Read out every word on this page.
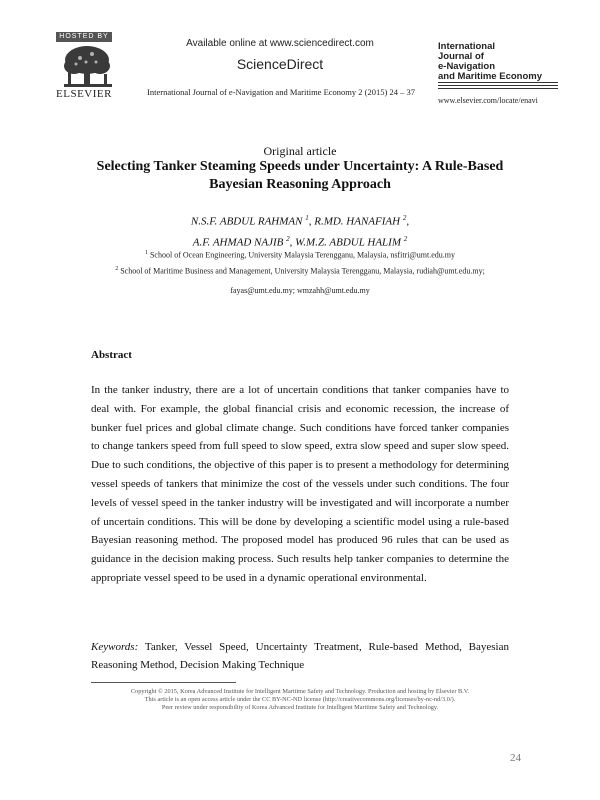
HOSTED BY
ELSEVIER
Available online at www.sciencedirect.com
ScienceDirect
International Journal of e-Navigation and Maritime Economy 2 (2015) 24 – 37
International
Journal of
e-Navigation
and Maritime Economy
www.elsevier.com/locate/enavi
Original article
Selecting Tanker Steaming Speeds under Uncertainty: A Rule-Based
Bayesian Reasoning Approach
N.S.F. ABDUL RAHMAN $^1$, R.MD. HANAFIAH $^2$,
A.F. AHMAD NAJIB $^2$, W.M.Z. ABDUL HALIM $^2$
$^1$ School of Ocean Engineering, University Malaysia Terengganu, Malaysia, nsfitri@umt.edu.my
$^2$ School of Maritime Business and Management, University Malaysia Terengganu, Malaysia, rudiah@umt.edu.my;
fayas@umt.edu.my; wmzahh@umt.edu.my
Abstract
In the tanker industry, there are a lot of uncertain conditions that tanker companies have to deal with. For example, the global financial crisis and economic recession, the increase of bunker fuel prices and global climate change. Such conditions have forced tanker companies to change tankers speed from full speed to slow speed, extra slow speed and super slow speed. Due to such conditions, the objective of this paper is to present a methodology for determining vessel speeds of tankers that minimize the cost of the vessels under such conditions. The four levels of vessel speed in the tanker industry will be investigated and will incorporate a number of uncertain conditions. This will be done by developing a scientific model using a rule-based Bayesian reasoning method. The proposed model has produced 96 rules that can be used as guidance in the decision making process. Such results help tanker companies to determine the appropriate vessel speed to be used in a dynamic operational environmental.
Keywords: Tanker, Vessel Speed, Uncertainty Treatment, Rule-based Method, Bayesian Reasoning Method, Decision Making Technique
Copyright © 2015, Korea Advanced Institute for Intelligent Maritime Safety and Technology. Production and hosting by Elsevier B.V.
This article is an open access article under the CC BY-NC-ND license (http://creativecommons.org/licenses/by-nc-nd/3.0/).
Peer review under responsibility of Korea Advanced Institute for Intelligent Maritime Safety and Technology.
24
